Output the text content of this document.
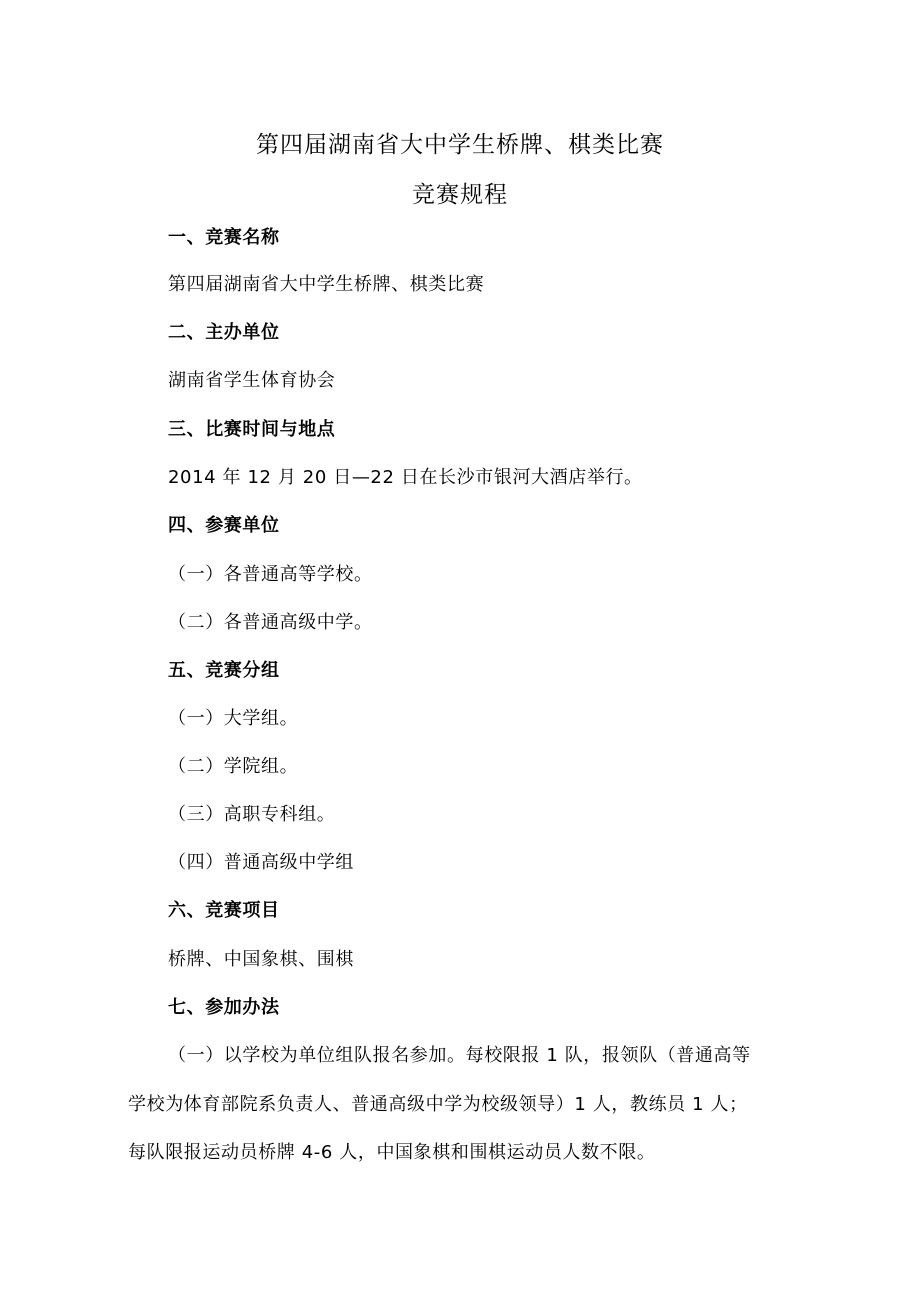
第四届湖南省大中学生桥牌、棋类比赛
竞赛规程
一、竞赛名称
第四届湖南省大中学生桥牌、棋类比赛
二、主办单位
湖南省学生体育协会
三、比赛时间与地点
2014 年 12 月 20 日—22 日在长沙市银河大酒店举行。
四、参赛单位
（一）各普通高等学校。
（二）各普通高级中学。
五、竞赛分组
（一）大学组。
（二）学院组。
（三）高职专科组。
（四）普通高级中学组
六、竞赛项目
桥牌、中国象棋、围棋
七、参加办法
（一）以学校为单位组队报名参加。每校限报 1 队，报领队（普通高等
学校为体育部院系负责人、普通高级中学为校级领导）1 人，教练员 1 人；
每队限报运动员桥牌 4-6 人，中国象棋和围棋运动员人数不限。
